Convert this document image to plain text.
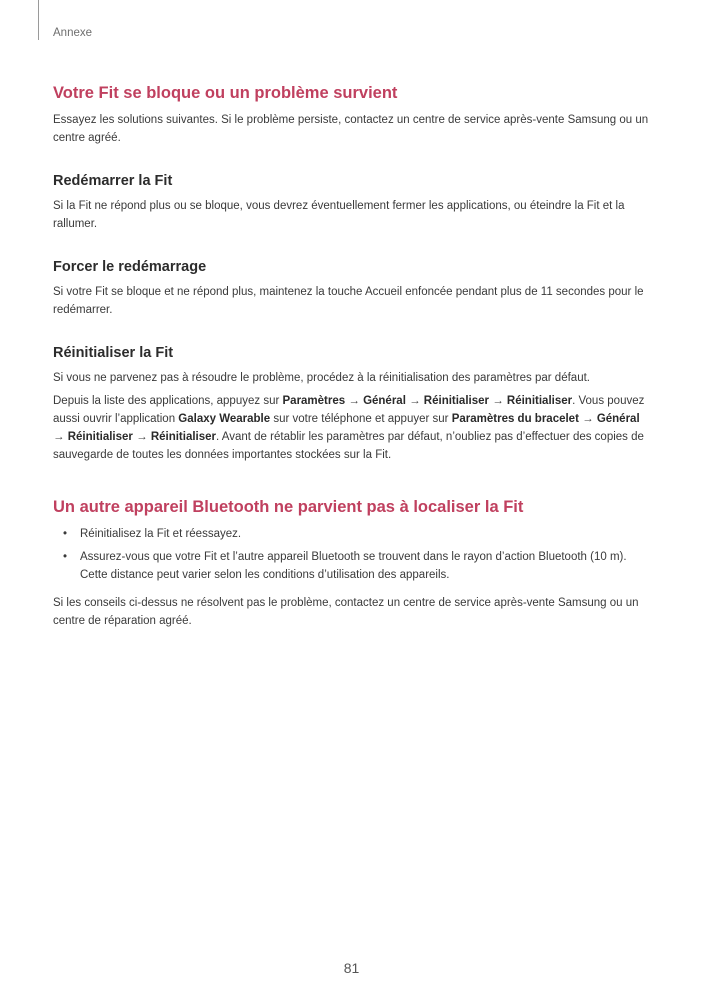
Annexe
Votre Fit se bloque ou un problème survient

Essayez les solutions suivantes. Si le problème persiste, contactez un centre de service après-vente Samsung ou un centre agréé.

Redémarrer la Fit

Si la Fit ne répond plus ou se bloque, vous devrez éventuellement fermer les applications, ou éteindre la Fit et la rallumer.

Forcer le redémarrage

Si votre Fit se bloque et ne répond plus, maintenez la touche Accueil enfoncée pendant plus de 11 secondes pour le redémarrer.

Réinitialiser la Fit

Si vous ne parvenez pas à résoudre le problème, procédez à la réinitialisation des paramètres par défaut.

Depuis la liste des applications, appuyez sur Paramètres → Général → Réinitialiser → Réinitialiser. Vous pouvez aussi ouvrir l’application Galaxy Wearable sur votre téléphone et appuyer sur Paramètres du bracelet → Général → Réinitialiser → Réinitialiser. Avant de rétablir les paramètres par défaut, n’oubliez pas d’effectuer des copies de sauvegarde de toutes les données importantes stockées sur la Fit.

Un autre appareil Bluetooth ne parvient pas à localiser la Fit
• Réinitialisez la Fit et réessayez.
• Assurez-vous que votre Fit et l’autre appareil Bluetooth se trouvent dans le rayon d’action Bluetooth (10 m). Cette distance peut varier selon les conditions d’utilisation des appareils.

Si les conseils ci-dessus ne résolvent pas le problème, contactez un centre de service après-vente Samsung ou un centre de réparation agréé.

81
